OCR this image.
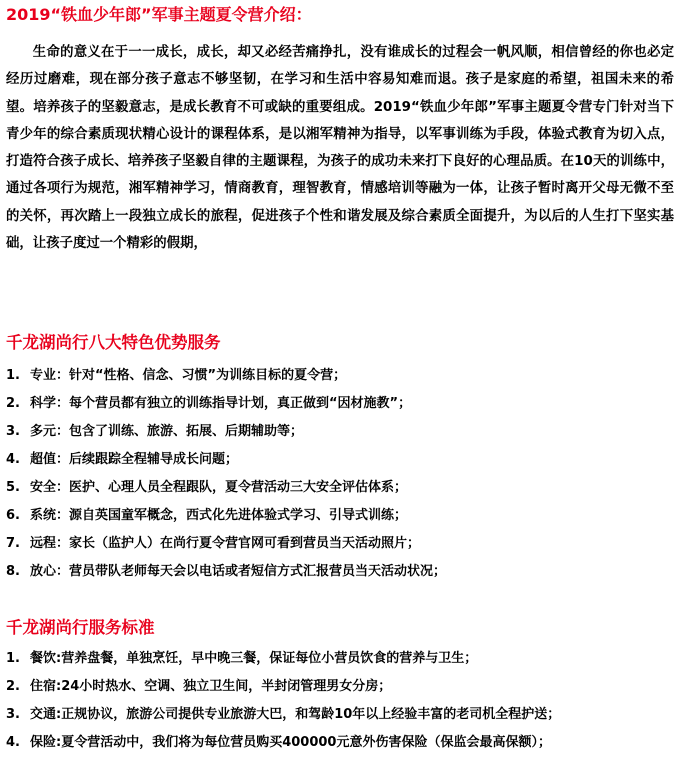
2019“铁血少年郎”军事主题夏令营介绍：

生命的意义在于一一成长，成长，却又必经苦痛挣扎，没有谁成长的过程会一帆风顺，相信曾经的你也必定经历过磨难，现在部分孩子意志不够坚韧，在学习和生活中容易知难而退。孩子是家庭的希望，祖国未来的希望。培养孩子的坚毅意志，是成长教育不可或缺的重要组成。2019“铁血少年郎”军事主题夏令营专门针对当下青少年的综合素质现状精心设计的课程体系，是以湘军精神为指导，以军事训练为手段，体验式教育为切入点，打造符合孩子成长、培养孩子坚毅自律的主题课程，为孩子的成功未来打下良好的心理品质。在10天的训练中，通过各项行为规范，湘军精神学习，情商教育，理智教育，情感培训等融为一体，让孩子暂时离开父母无微不至的关怀，再次踏上一段独立成长的旅程，促进孩子个性和谐发展及综合素质全面提升，为以后的人生打下坚实基础，让孩子度过一个精彩的假期，

千龙湖尚行八大特色优势服务
1. 专业：针对“性格、信念、习惯”为训练目标的夏令营；
2. 科学：每个营员都有独立的训练指导计划，真正做到“因材施教”；
3. 多元：包含了训练、旅游、拓展、后期辅助等；
4. 超值：后续跟踪全程辅导成长问题；
5. 安全：医护、心理人员全程跟队，夏令营活动三大安全评估体系；
6. 系统：源自英国童军概念，西式化先进体验式学习、引导式训练；
7. 远程：家长（监护人）在尚行夏令营官网可看到营员当天活动照片；
8. 放心：营员带队老师每天会以电话或者短信方式汇报营员当天活动状况；
千龙湖尚行服务标准
1. 餐饮:营养盘餐，单独烹饪，早中晚三餐，保证每位小营员饮食的营养与卫生；
2. 住宿:24小时热水、空调、独立卫生间，半封闭管理男女分房；
3. 交通:正规协议，旅游公司提供专业旅游大巴，和驾龄10年以上经验丰富的老司机全程护送；
4. 保险:夏令营活动中，我们将为每位营员购买400000元意外伤害保险（保监会最高保额）；
